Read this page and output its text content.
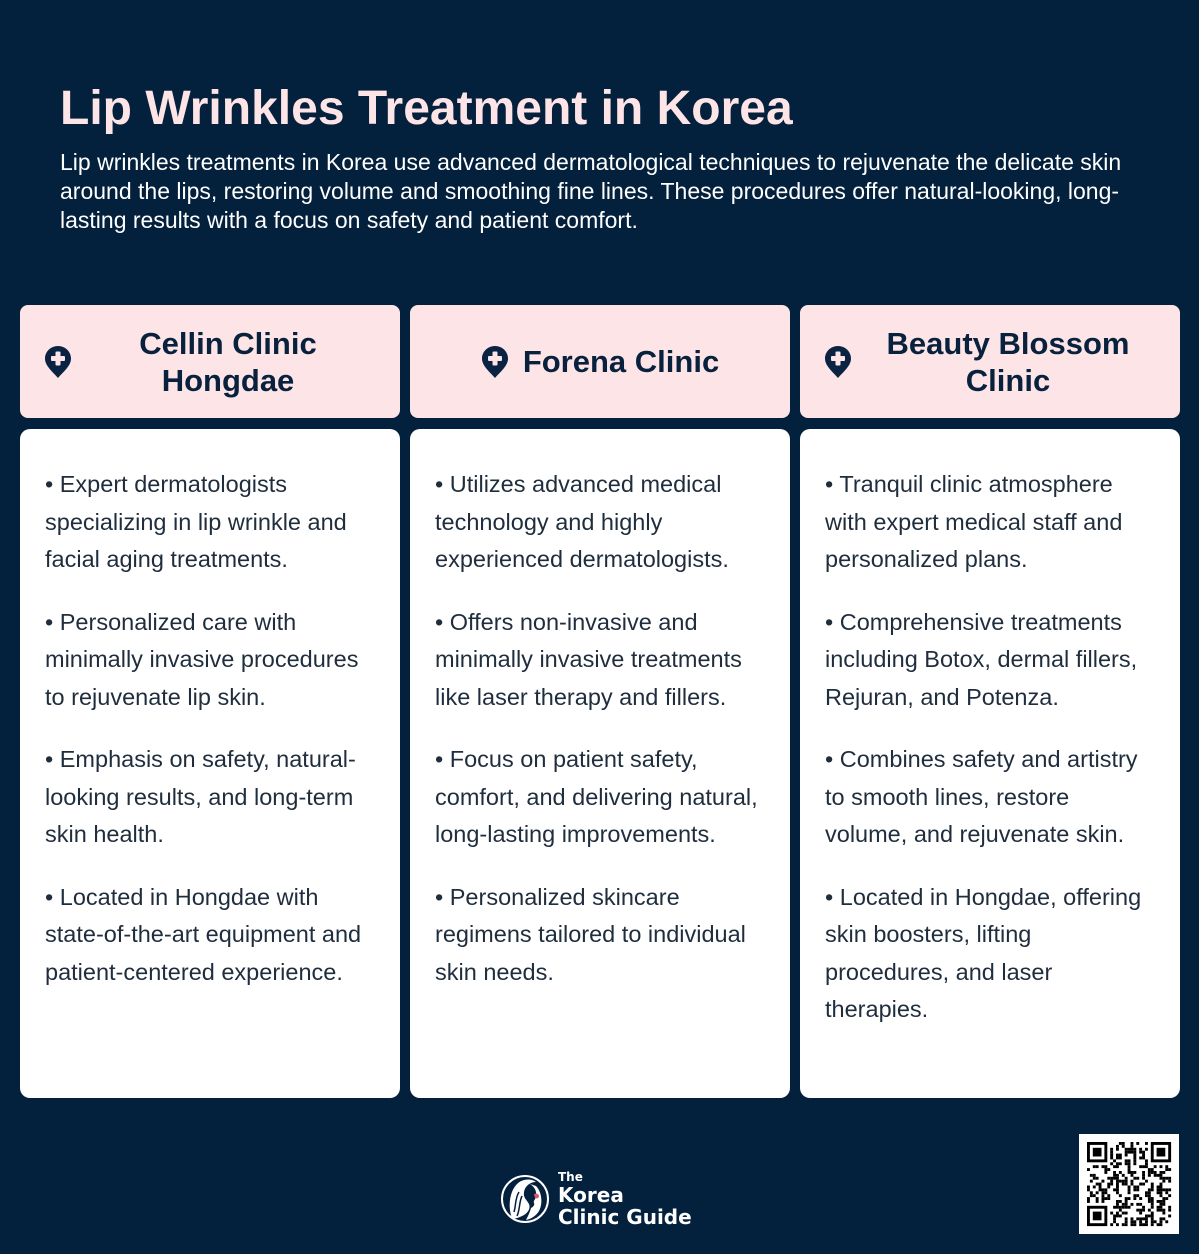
Lip Wrinkles Treatment in Korea

Lip wrinkles treatments in Korea use advanced dermatological techniques to rejuvenate the delicate skin around the lips, restoring volume and smoothing fine lines. These procedures offer natural-looking, long-lasting results with a focus on safety and patient comfort.

Cellin Clinic Hongdae
• Expert dermatologists specializing in lip wrinkle and facial aging treatments.
• Personalized care with minimally invasive procedures to rejuvenate lip skin.
• Emphasis on safety, natural-looking results, and long-term skin health.
• Located in Hongdae with state-of-the-art equipment and patient-centered experience.
Forena Clinic
• Utilizes advanced medical technology and highly experienced dermatologists.
• Offers non-invasive and minimally invasive treatments like laser therapy and fillers.
• Focus on patient safety, comfort, and delivering natural, long-lasting improvements.
• Personalized skincare regimens tailored to individual skin needs.
Beauty Blossom Clinic
• Tranquil clinic atmosphere with expert medical staff and personalized plans.
• Comprehensive treatments including Botox, dermal fillers, Rejuran, and Potenza.
• Combines safety and artistry to smooth lines, restore volume, and rejuvenate skin.
• Located in Hongdae, offering skin boosters, lifting procedures, and laser therapies.
The
Korea
Clinic Guide
